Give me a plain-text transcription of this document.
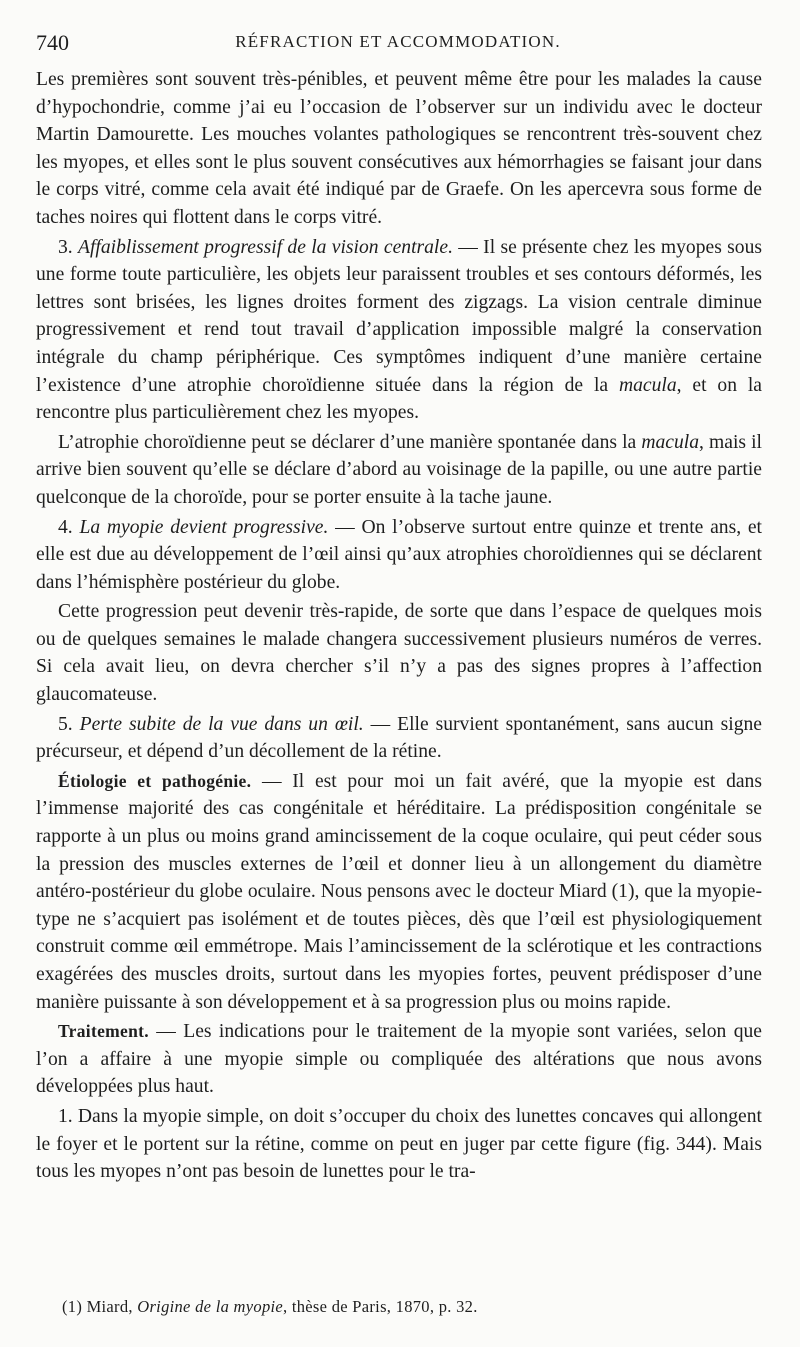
740	RÉFRACTION ET ACCOMMODATION.

Les premières sont souvent très-pénibles, et peuvent même être pour les malades la cause d’hypochondrie, comme j’ai eu l’occasion de l’observer sur un individu avec le docteur Martin Damourette. Les mouches volantes pathologiques se rencontrent très-souvent chez les myopes, et elles sont le plus souvent consécutives aux hémorrhagies se faisant jour dans le corps vitré, comme cela avait été indiqué par de Graefe. On les apercevra sous forme de taches noires qui flottent dans le corps vitré.

3. Affaiblissement progressif de la vision centrale. — Il se présente chez les myopes sous une forme toute particulière, les objets leur paraissent troubles et ses contours déformés, les lettres sont brisées, les lignes droites forment des zigzags. La vision centrale diminue progressivement et rend tout travail d’application impossible malgré la conservation intégrale du champ périphérique. Ces symptômes indiquent d’une manière certaine l’existence d’une atrophie choroïdienne située dans la région de la macula, et on la rencontre plus particulièrement chez les myopes.

L’atrophie choroïdienne peut se déclarer d’une manière spontanée dans la macula, mais il arrive bien souvent qu’elle se déclare d’abord au voisinage de la papille, ou une autre partie quelconque de la choroïde, pour se porter ensuite à la tache jaune.

4. La myopie devient progressive. — On l’observe surtout entre quinze et trente ans, et elle est due au développement de l’œil ainsi qu’aux atrophies choroïdiennes qui se déclarent dans l’hémisphère postérieur du globe.

Cette progression peut devenir très-rapide, de sorte que dans l’espace de quelques mois ou de quelques semaines le malade changera successivement plusieurs numéros de verres. Si cela avait lieu, on devra chercher s’il n’y a pas des signes propres à l’affection glaucomateuse.

5. Perte subite de la vue dans un œil. — Elle survient spontanément, sans aucun signe précurseur, et dépend d’un décollement de la rétine.

Étiologie et pathogénie. — Il est pour moi un fait avéré, que la myopie est dans l’immense majorité des cas congénitale et héréditaire. La prédisposition congénitale se rapporte à un plus ou moins grand amincissement de la coque oculaire, qui peut céder sous la pression des muscles externes de l’œil et donner lieu à un allongement du diamètre antéro-postérieur du globe oculaire. Nous pensons avec le docteur Miard (1), que la myopie-type ne s’acquiert pas isolément et de toutes pièces, dès que l’œil est physiologiquement construit comme œil emmétrope. Mais l’amincissement de la sclérotique et les contractions exagérées des muscles droits, surtout dans les myopies fortes, peuvent prédisposer d’une manière puissante à son développement et à sa progression plus ou moins rapide.

Traitement. — Les indications pour le traitement de la myopie sont variées, selon que l’on a affaire à une myopie simple ou compliquée des altérations que nous avons développées plus haut.

1. Dans la myopie simple, on doit s’occuper du choix des lunettes concaves qui allongent le foyer et le portent sur la rétine, comme on peut en juger par cette figure (fig. 344). Mais tous les myopes n’ont pas besoin de lunettes pour le tra-

(1) Miard, Origine de la myopie, thèse de Paris, 1870, p. 32.
